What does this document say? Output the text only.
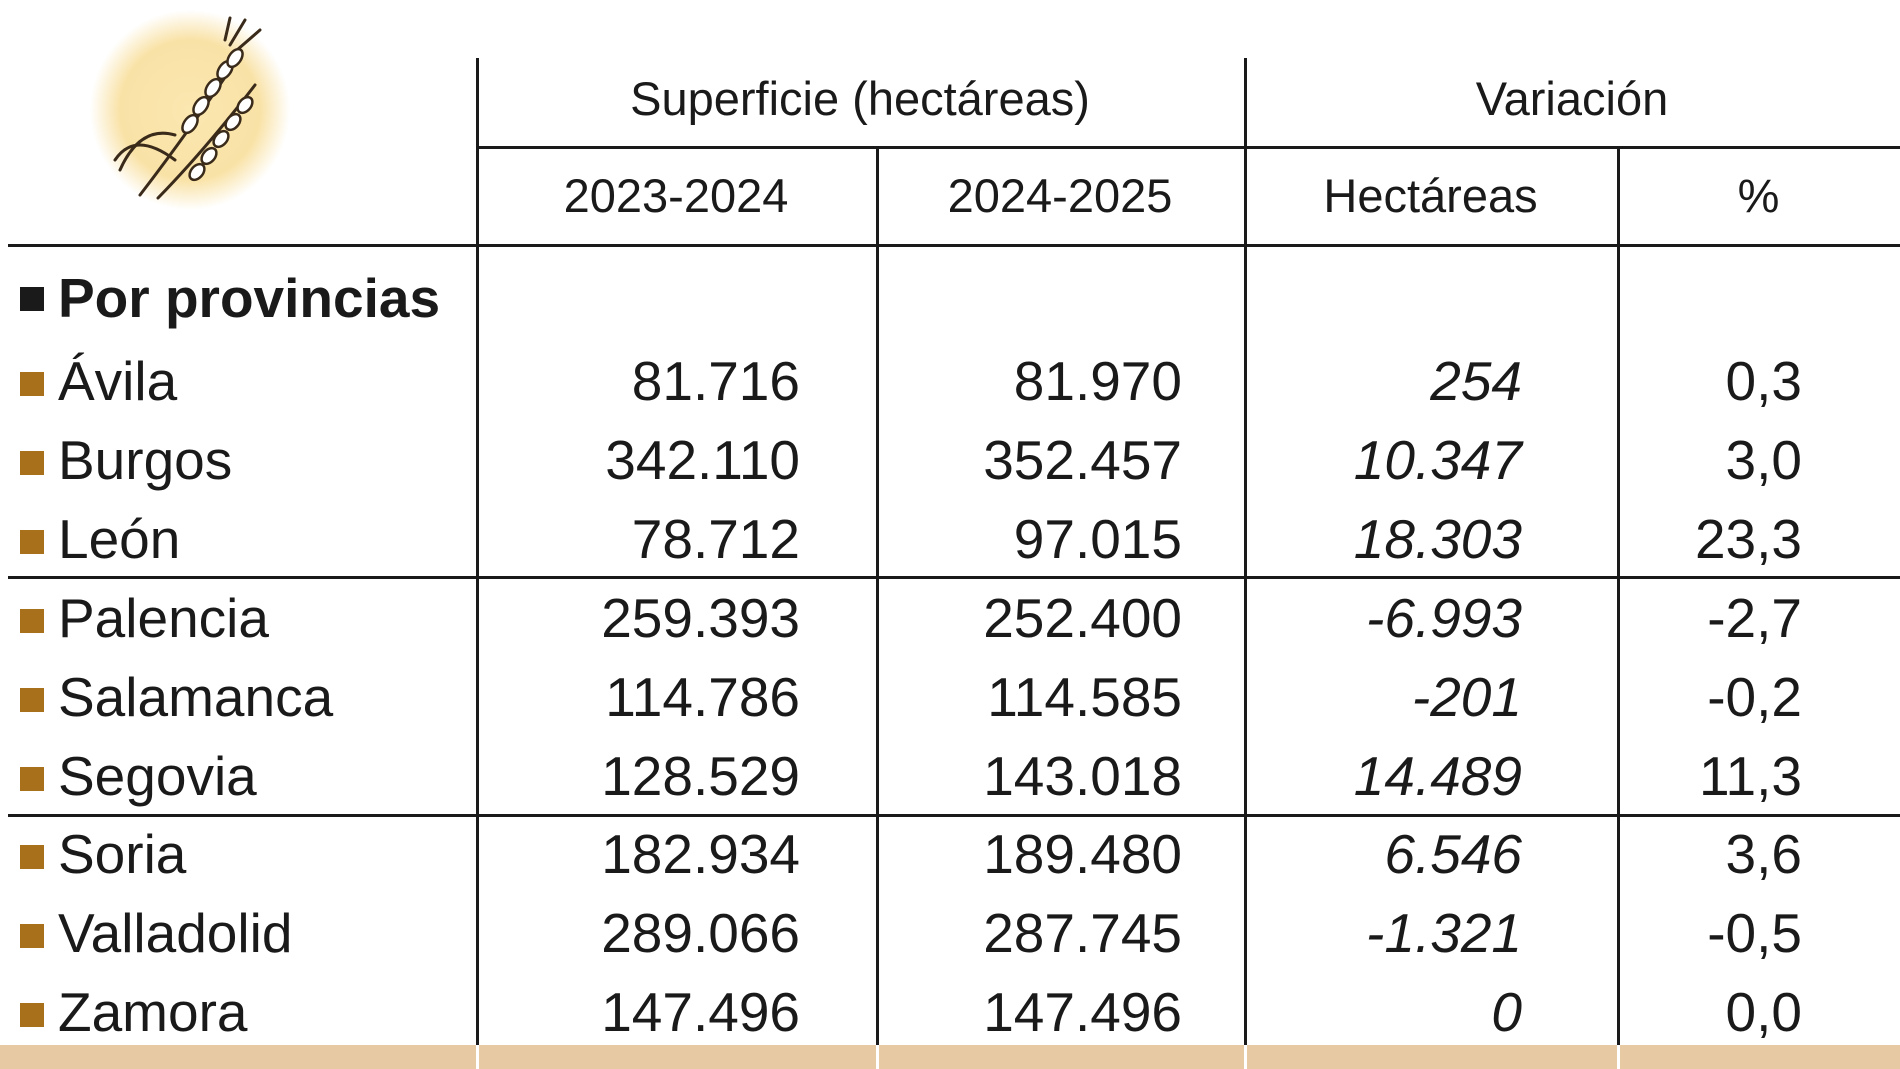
Superficie (hectáreas)	Variación
2023-2024	2024-2025	Hectáreas	%
Por provincias
Ávila	81.716	81.970	254	0,3
Burgos	342.110	352.457	10.347	3,0
León	78.712	97.015	18.303	23,3
Palencia	259.393	252.400	-6.993	-2,7
Salamanca	114.786	114.585	-201	-0,2
Segovia	128.529	143.018	14.489	11,3
Soria	182.934	189.480	6.546	3,6
Valladolid	289.066	287.745	-1.321	-0,5
Zamora	147.496	147.496	0	0,0
